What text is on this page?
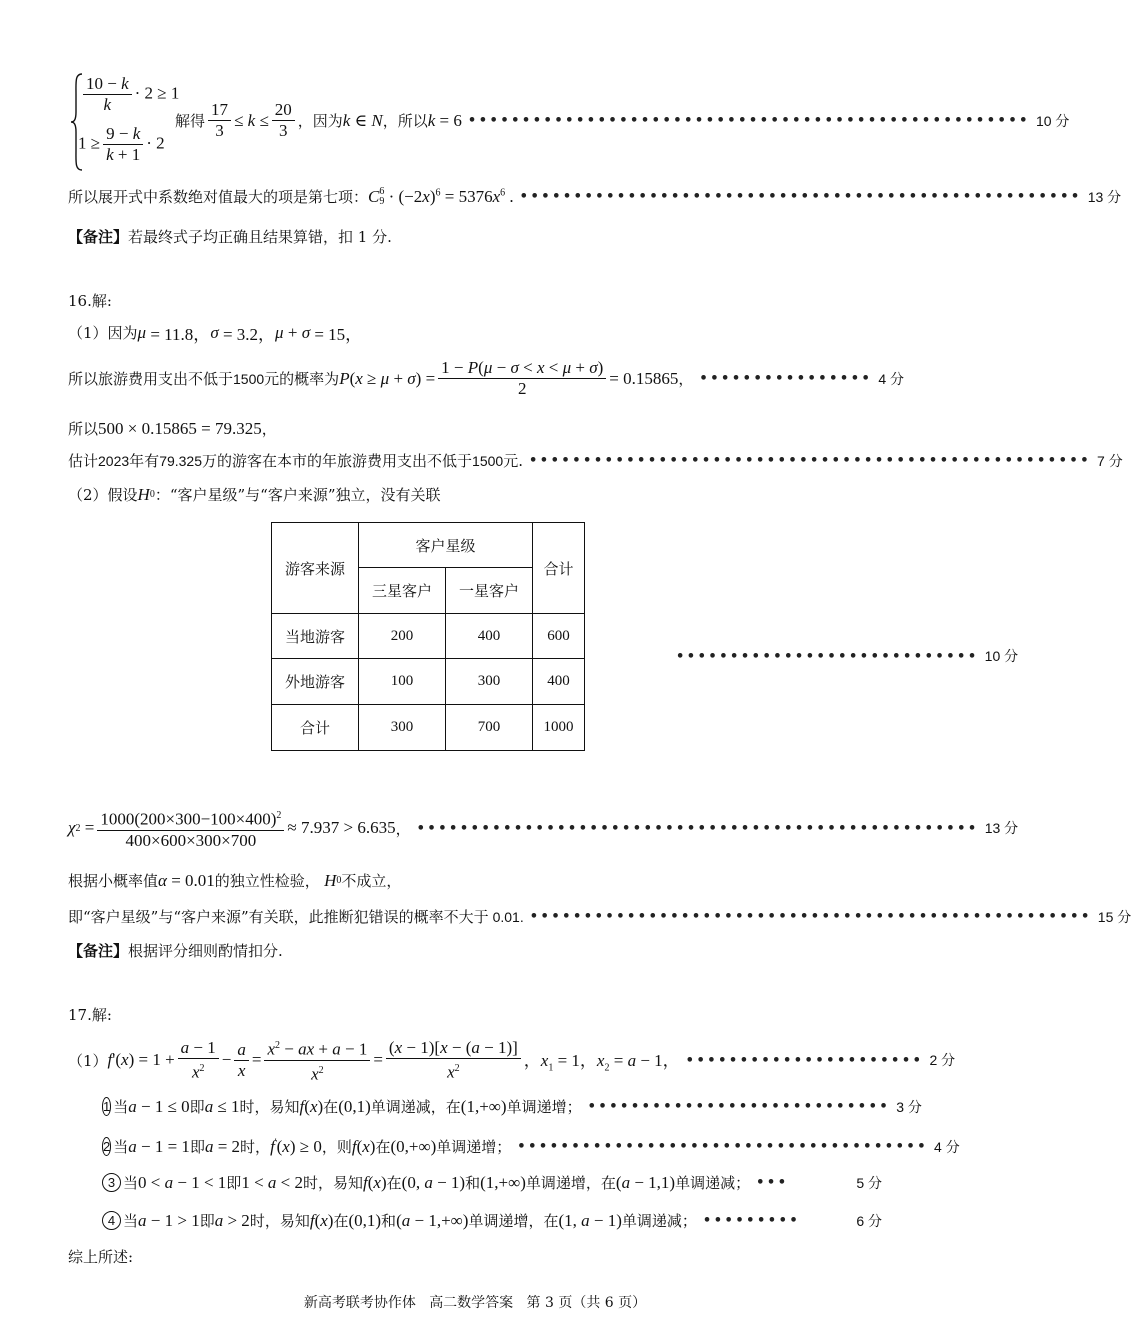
$\frac{10 - k}{k} \cdot 2 \ge 1$
$1 \ge \frac{9 - k}{k + 1} \cdot 2$
解得 $\frac{17}{3} \le k \le \frac{20}{3}$ ，因为 k ∈ N ，所以 k = 6 •••••••••••••••••••••••••••••••••••••••••••••••••••• 10 分
所以展开式中系数绝对值最大的项是第七项： C 6
$9 \cdot (-2x)^6 = 5376x^6$ . •••••••••••••••••••••••••••••••••••••••••••••••••••• 13 分
【备注】 若最终式子均正确且结果算错，扣 1 分.
16.解:
（1）因为 μ = 11.8， σ = 3.2， μ + σ = 15，
所以旅游费用支出不低于 1500 元的概率为 P ( x ≥ μ + σ ) = $\frac{1 - P(\mu - \sigma < x < \mu + \sigma)}{2} = 0.15865$ ， •••••••••••••••• 4 分
所以 500 × 0.15865 = 79.325 ，
估计 2023 年有 79.325 万的游客在本市的年旅游费用支出不低于 1500 元. •••••••••••••••••••••••••••••••••••••••••••••••••••• 7 分
（2）假设 H 0 ：“客户星级”与“客户来源”独立，没有关联
游客来源	客户星级		合计
	三星客户	一星客户	
当地游客	200	400	600
外地游客	100	300	400
合计	300	700	1000
•••••••••••••••••••••••••••• 10 分
χ $2 = \frac{1000(200\times 300-100\times 400)^2}{400\times 600\times 300\times 700} \approx 7.937 > 6.635$ ， •••••••••••••••••••••••••••••••••••••••••••••••••••• 13 分
根据小概率值 α = 0.01 的独立性检验， H 0 不成立，
即“客户星级”与“客户来源”有关联，此推断犯错误的概率不大于
0.01. •••••••••••••••••••••••••••••••••••••••••••••••••••• 15 分
【备注】 根据评分细则酌情扣分.
17.解:
（1） f ' $(x) = 1 + \frac{a - 1}{x^2} - \frac{a}{x} = \frac{x^2 - ax + a - 1}{x^2} = \frac{(x - 1)[x - (a - 1)]}{x^2}$ ，$x_1 = 1$，$x_2 = a - 1$， •••••••••••••••••••••• 2 分
1 当 a − 1 ≤ 0 即 a ≤ 1 时，易知 f(x) 在 (0,1) 单调递减，在 (1,+∞) 单调递增； •••••••••••••••••••••••••••• 3 分
2 当 a − 1 = 1 即 a = 2 时， f'(x) ≥ 0 ，则 f(x) 在 (0,+∞) 单调递增； •••••••••••••••••••••••••••••••••••••• 4 分
3 当 0 < a − 1 < 1 即 1 < a < 2 时，易知 f(x) 在 (0, a − 1) 和 (1,+∞) 单调递增，在 (a − 1,1) 单调递减； •••	5 分
4 当 a − 1 > 1 即 a > 2 时，易知 f(x) 在 (0,1) 和 (a − 1,+∞) 单调递增，在 (1, a − 1) 单调递减； •••••••••	6 分
综上所述:
新高考联考协作体 高二数学答案 第 3 页（共 6 页）
